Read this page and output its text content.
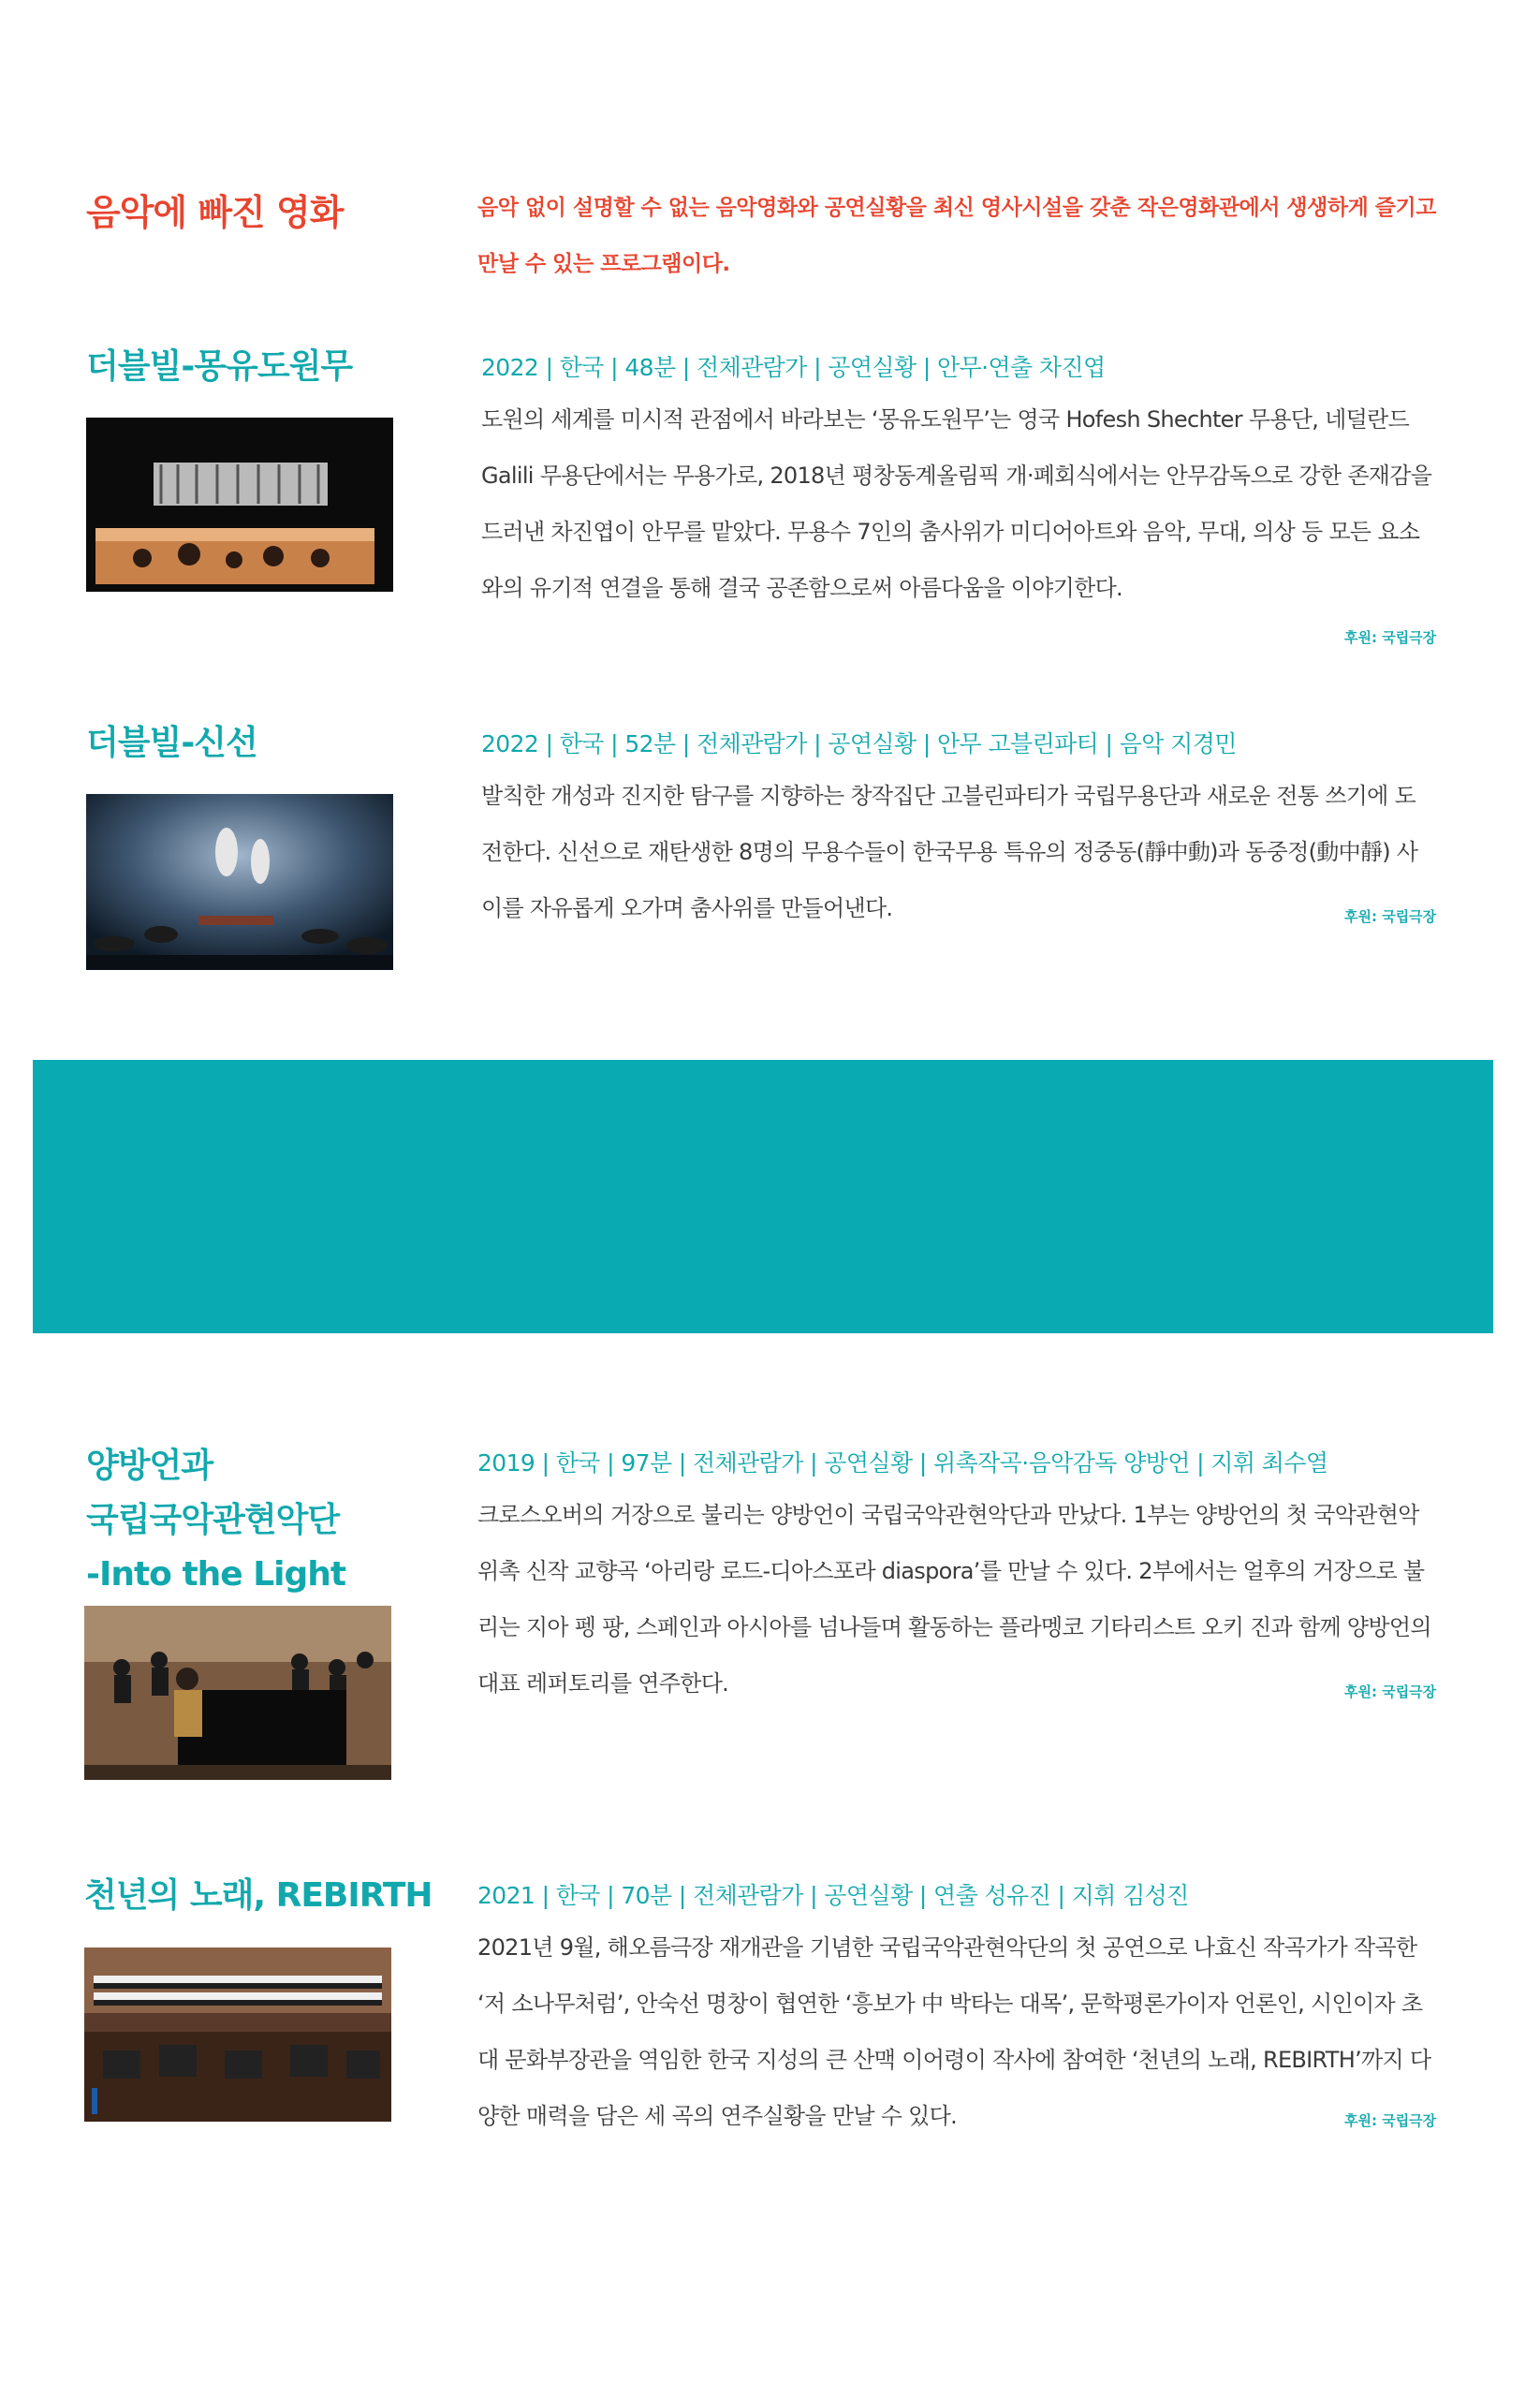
음악에 빠진 영화	음악 없이 설명할 수 없는 음악영화와 공연실황을 최신 영사시설을 갖춘 작은영화관에서 생생하게 즐기고 만날 수 있는 프로그램이다.
더블빌-몽유도원무	2022 | 한국 | 48분 | 전체관람가 | 공연실황 | 안무·연출 차진엽
도원의 세계를 미시적 관점에서 바라보는 ‘몽유도원무’는 영국 Hofesh Shechter 무용단, 네덜란드 Galili 무용단에서는 무용가로, 2018년 평창동계올림픽 개·폐회식에서는 안무감독으로 강한 존재감을 드러낸 차진엽이 안무를 맡았다. 무용수 7인의 춤사위가 미디어아트와 음악, 무대, 의상 등 모든 요소와의 유기적 연결을 통해 결국 공존함으로써 아름다움을 이야기한다.
후원: 국립극장
더블빌-신선	2022 | 한국 | 52분 | 전체관람가 | 공연실황 | 안무 고블린파티 | 음악 지경민
발칙한 개성과 진지한 탐구를 지향하는 창작집단 고블린파티가 국립무용단과 새로운 전통 쓰기에 도전한다. 신선으로 재탄생한 8명의 무용수들이 한국무용 특유의 정중동(靜中動)과 동중정(動中靜) 사이를 자유롭게 오가며 춤사위를 만들어낸다.	후원: 국립극장
양방언과
국립국악관현악단
-Into the Light
2019 | 한국 | 97분 | 전체관람가 | 공연실황 | 위촉작곡·음악감독 양방언 | 지휘 최수열
크로스오버의 거장으로 불리는 양방언이 국립국악관현악단과 만났다. 1부는 양방언의 첫 국악관현악 위촉 신작 교향곡 ‘아리랑 로드-디아스포라 diaspora’를 만날 수 있다. 2부에서는 얼후의 거장으로 불리는 지아 펭 팡, 스페인과 아시아를 넘나들며 활동하는 플라멩코 기타리스트 오키 진과 함께 양방언의 대표 레퍼토리를 연주한다.	후원: 국립극장
천년의 노래, REBIRTH 2021 | 한국 | 70분 | 전체관람가 | 공연실황 | 연출 성유진 | 지휘 김성진
2021년 9월, 해오름극장 재개관을 기념한 국립국악관현악단의 첫 공연으로 나효신 작곡가가 작곡한 ‘저 소나무처럼’, 안숙선 명창이 협연한 ‘흥보가 中 박타는 대목’, 문학평론가이자 언론인, 시인이자 초대 문화부장관을 역임한 한국 지성의 큰 산맥 이어령이 작사에 참여한 ‘천년의 노래, REBIRTH’까지 다양한 매력을 담은 세 곡의 연주실황을 만날 수 있다.	후원: 국립극장
